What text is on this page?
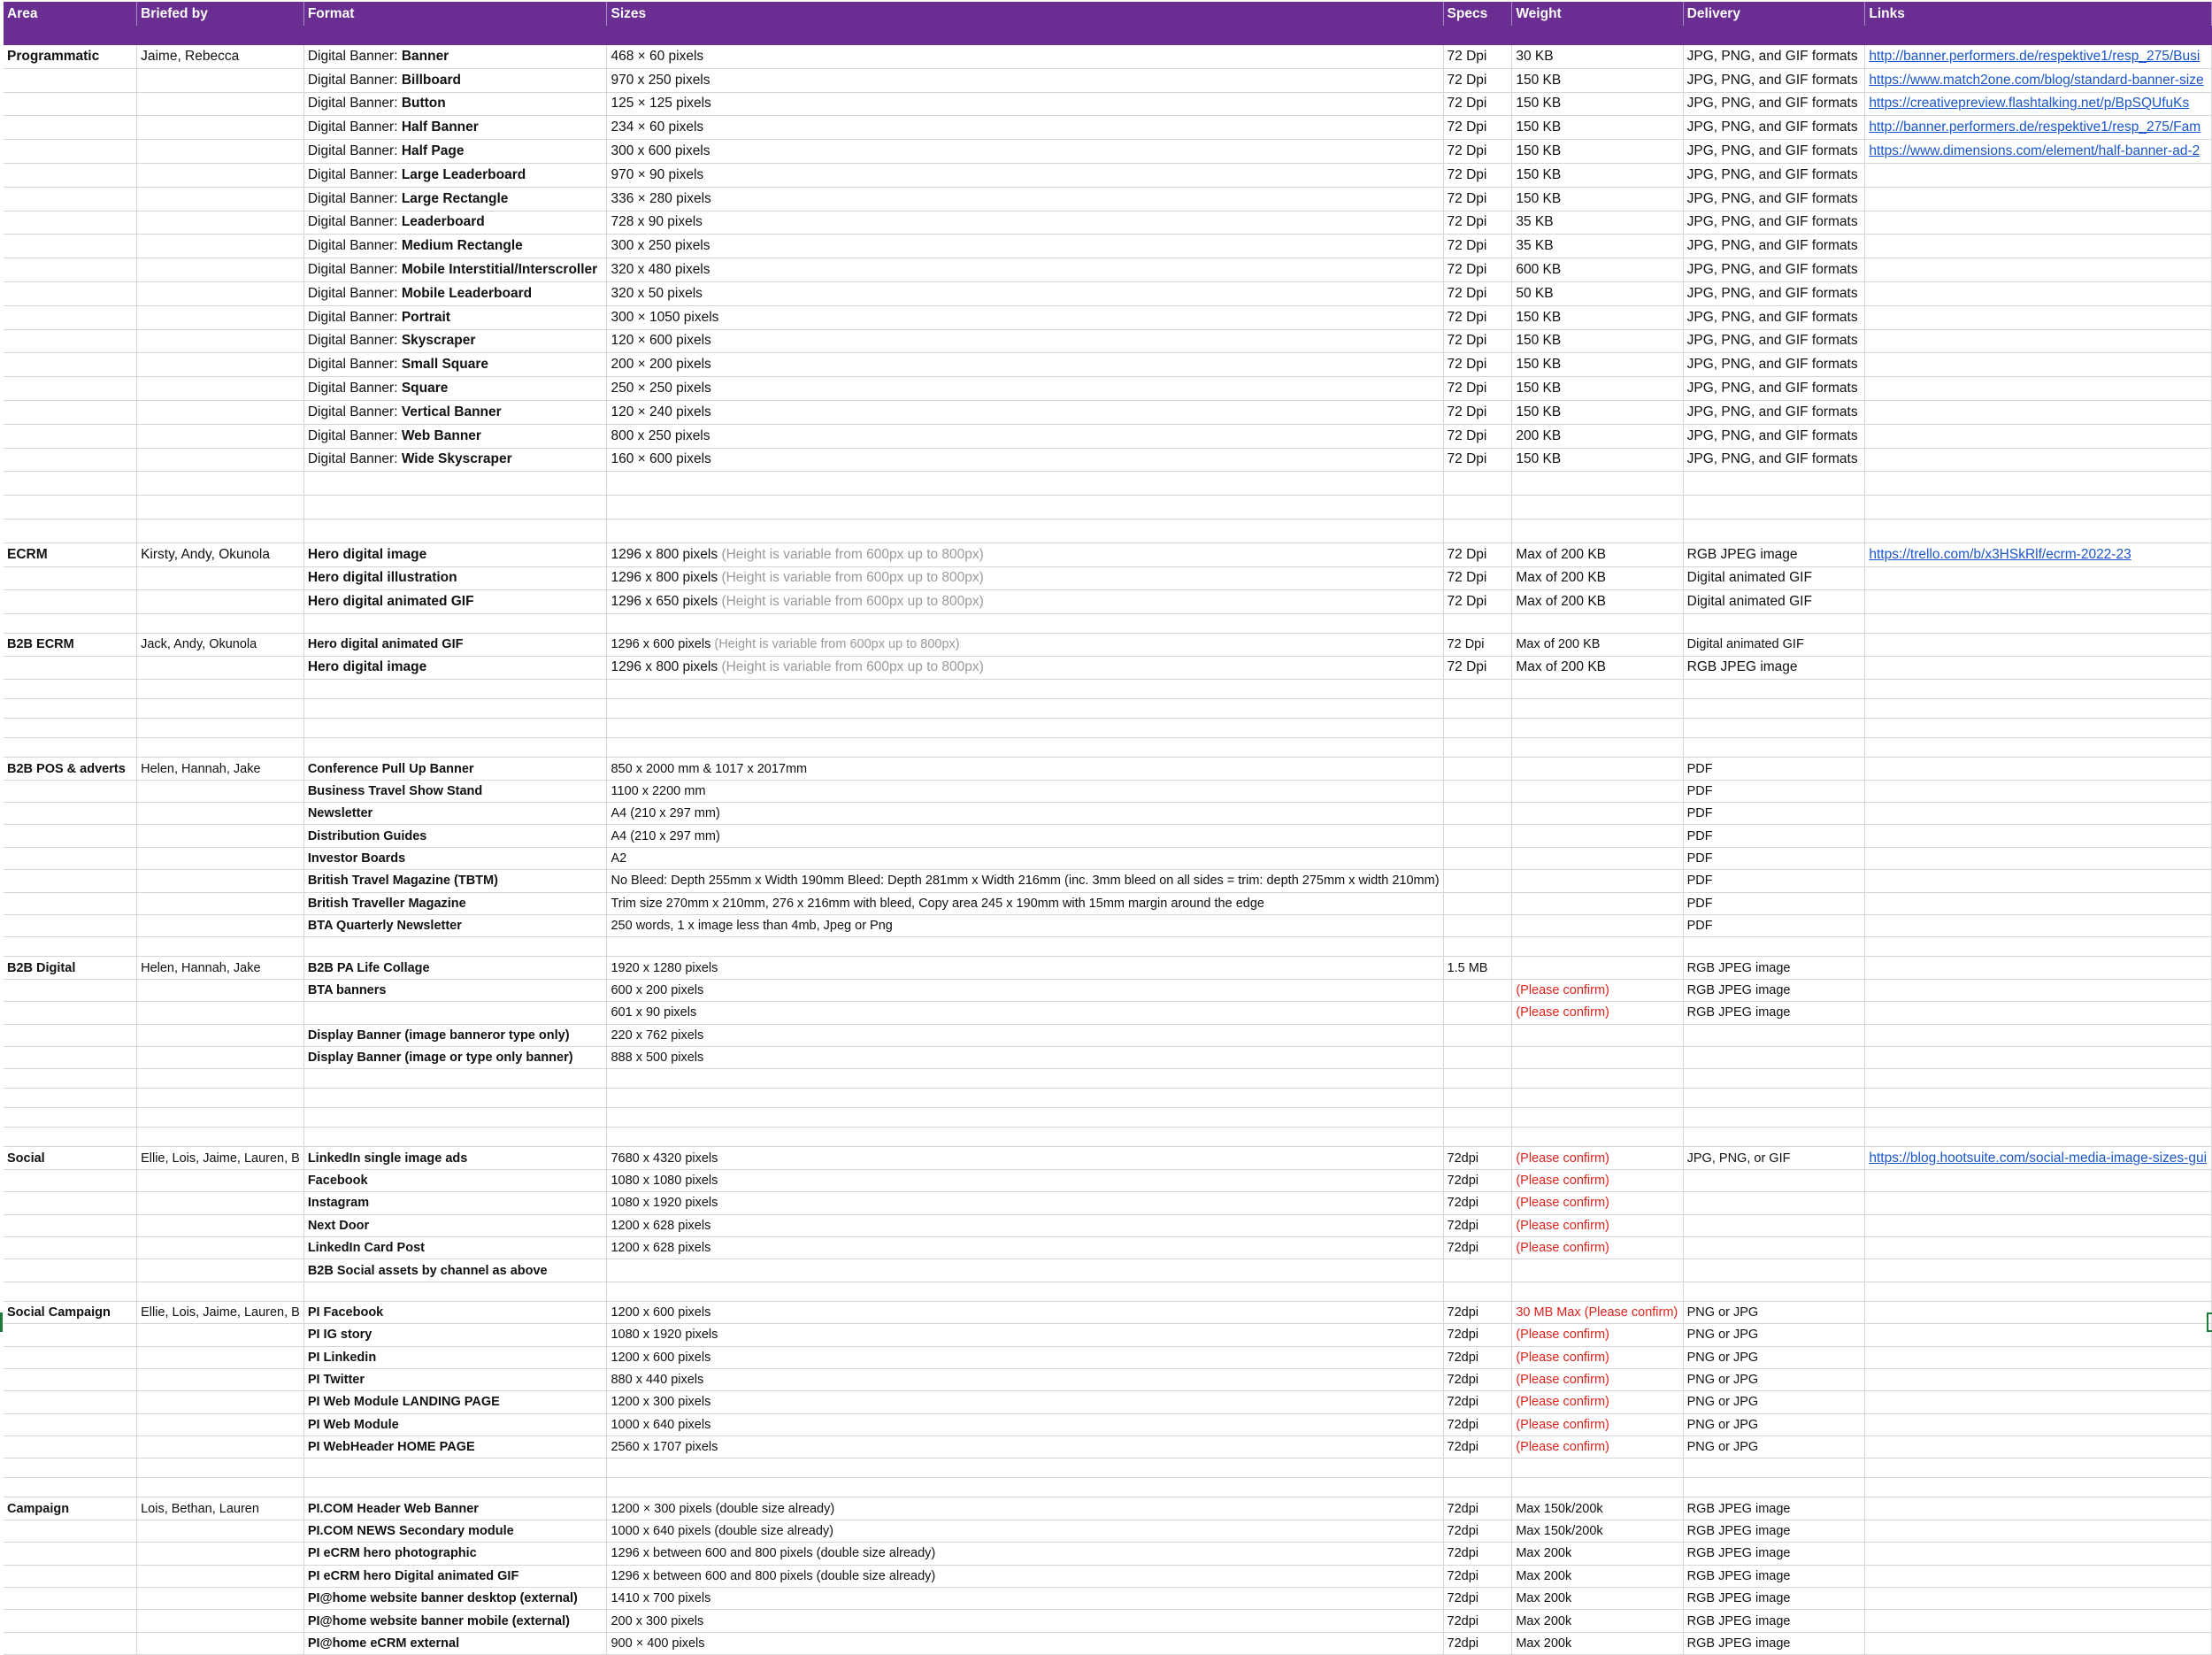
Area	Briefed by	Format	Sizes	Specs	Weight	Delivery	Links

Programmatic	Jaime, Rebecca	Digital Banner: Banner	468 × 60 pixels	72 Dpi	30 KB	JPG, PNG, and GIF formats	http://banner.performers.de/respektive1/resp_275/Busi
		Digital Banner: Billboard	970 x 250 pixels	72 Dpi	150 KB	JPG, PNG, and GIF formats	https://www.match2one.com/blog/standard-banner-size
		Digital Banner: Button	125 × 125 pixels	72 Dpi	150 KB	JPG, PNG, and GIF formats	https://creativepreview.flashtalking.net/p/BpSQUfuKs
		Digital Banner: Half Banner	234 × 60 pixels	72 Dpi	150 KB	JPG, PNG, and GIF formats	http://banner.performers.de/respektive1/resp_275/Fam
		Digital Banner: Half Page	300 x 600 pixels	72 Dpi	150 KB	JPG, PNG, and GIF formats	https://www.dimensions.com/element/half-banner-ad-2
		Digital Banner: Large Leaderboard	970 × 90 pixels	72 Dpi	150 KB	JPG, PNG, and GIF formats	
		Digital Banner: Large Rectangle	336 × 280 pixels	72 Dpi	150 KB	JPG, PNG, and GIF formats	
		Digital Banner: Leaderboard	728 x 90 pixels	72 Dpi	35 KB	JPG, PNG, and GIF formats	
		Digital Banner: Medium Rectangle	300 x 250 pixels	72 Dpi	35 KB	JPG, PNG, and GIF formats	
		Digital Banner: Mobile Interstitial/Interscroller	320 x 480 pixels	72 Dpi	600 KB	JPG, PNG, and GIF formats	
		Digital Banner: Mobile Leaderboard	320 x 50 pixels	72 Dpi	50 KB	JPG, PNG, and GIF formats	
		Digital Banner: Portrait	300 × 1050 pixels	72 Dpi	150 KB	JPG, PNG, and GIF formats	
		Digital Banner: Skyscraper	120 × 600 pixels	72 Dpi	150 KB	JPG, PNG, and GIF formats	
		Digital Banner: Small Square	200 × 200 pixels	72 Dpi	150 KB	JPG, PNG, and GIF formats	
		Digital Banner: Square	250 × 250 pixels	72 Dpi	150 KB	JPG, PNG, and GIF formats	
		Digital Banner: Vertical Banner	120 × 240 pixels	72 Dpi	150 KB	JPG, PNG, and GIF formats	
		Digital Banner: Web Banner	800 x 250 pixels	72 Dpi	200 KB	JPG, PNG, and GIF formats	
		Digital Banner: Wide Skyscraper	160 × 600 pixels	72 Dpi	150 KB	JPG, PNG, and GIF formats	

ECRM	Kirsty, Andy, Okunola	Hero digital image	1296 x 800 pixels (Height is variable from 600px up to 800px)	72 Dpi	Max of 200 KB	RGB JPEG image	https://trello.com/b/x3HSkRlf/ecrm-2022-23
		Hero digital illustration	1296 x 800 pixels (Height is variable from 600px up to 800px)	72 Dpi	Max of 200 KB	Digital animated GIF	
		Hero digital animated GIF	1296 x 650 pixels (Height is variable from 600px up to 800px)	72 Dpi	Max of 200 KB	Digital animated GIF	

B2B ECRM	Jack, Andy, Okunola	Hero digital animated GIF	1296 x 600 pixels (Height is variable from 600px up to 800px)	72 Dpi	Max of 200 KB	Digital animated GIF	
		Hero digital image	1296 x 800 pixels (Height is variable from 600px up to 800px)	72 Dpi	Max of 200 KB	RGB JPEG image	

B2B POS & adverts	Helen, Hannah, Jake	Conference Pull Up Banner	850 x 2000 mm & 1017 x 2017mm			PDF	
		Business Travel Show Stand	1100 x 2200 mm			PDF	
		Newsletter	A4 (210 x 297 mm)			PDF	
		Distribution Guides	A4 (210 x 297 mm)			PDF	
		Investor Boards	A2			PDF	
		British Travel Magazine (TBTM)	No Bleed: Depth 255mm x Width 190mm Bleed: Depth 281mm x Width 216mm (inc. 3mm bleed on all sides = trim: depth 275mm x width 210mm)			PDF	
		British Traveller Magazine	Trim size 270mm x 210mm, 276 x 216mm with bleed, Copy area 245 x 190mm with 15mm margin around the edge			PDF	
		BTA Quarterly Newsletter	250 words, 1 x image less than 4mb, Jpeg or Png			PDF	

B2B Digital	Helen, Hannah, Jake	B2B PA Life Collage	1920 x 1280 pixels	1.5 MB		RGB JPEG image	
		BTA banners	600 x 200 pixels		(Please confirm)	RGB JPEG image	
			601 x 90 pixels		(Please confirm)	RGB JPEG image	
		Display Banner (image banneror type only)	220 x 762 pixels				
		Display Banner (image or type only banner)	888 x 500 pixels				

Social	Ellie, Lois, Jaime, Lauren, B	LinkedIn single image ads	7680 x 4320 pixels	72dpi	(Please confirm)	JPG, PNG, or GIF	https://blog.hootsuite.com/social-media-image-sizes-gui
		Facebook	1080 x 1080 pixels	72dpi	(Please confirm)		
		Instagram	1080 x 1920 pixels	72dpi	(Please confirm)		
		Next Door	1200 x 628 pixels	72dpi	(Please confirm)		
		LinkedIn Card Post	1200 x 628 pixels	72dpi	(Please confirm)		
		B2B Social assets by channel as above					

Social Campaign	Ellie, Lois, Jaime, Lauren, B	PI Facebook	1200 x 600 pixels	72dpi	30 MB Max (Please confirm)	PNG or JPG	
		PI IG story	1080 x 1920 pixels	72dpi	(Please confirm)	PNG or JPG	
		PI Linkedin	1200 x 600 pixels	72dpi	(Please confirm)	PNG or JPG	
		PI Twitter	880 x 440 pixels	72dpi	(Please confirm)	PNG or JPG	
		PI Web Module LANDING PAGE	1200 x 300 pixels	72dpi	(Please confirm)	PNG or JPG	
		PI Web Module	1000 x 640 pixels	72dpi	(Please confirm)	PNG or JPG	
		PI WebHeader HOME PAGE	2560 x 1707 pixels	72dpi	(Please confirm)	PNG or JPG	

Campaign	Lois, Bethan, Lauren	PI.COM Header Web Banner	1200 × 300 pixels (double size already)	72dpi	Max 150k/200k	RGB JPEG image	
		PI.COM NEWS Secondary module	1000 x 640 pixels (double size already)	72dpi	Max 150k/200k	RGB JPEG image	
		PI eCRM hero photographic	1296 x between 600 and 800 pixels (double size already)	72dpi	Max 200k	RGB JPEG image	
		PI eCRM hero Digital animated GIF	1296 x between 600 and 800 pixels (double size already)	72dpi	Max 200k	RGB JPEG image	
		PI@home website banner desktop (external)	1410 x 700 pixels	72dpi	Max 200k	RGB JPEG image	
		PI@home website banner mobile (external)	200 x 300 pixels	72dpi	Max 200k	RGB JPEG image	
		PI@home eCRM external	900 × 400 pixels	72dpi	Max 200k	RGB JPEG image	
